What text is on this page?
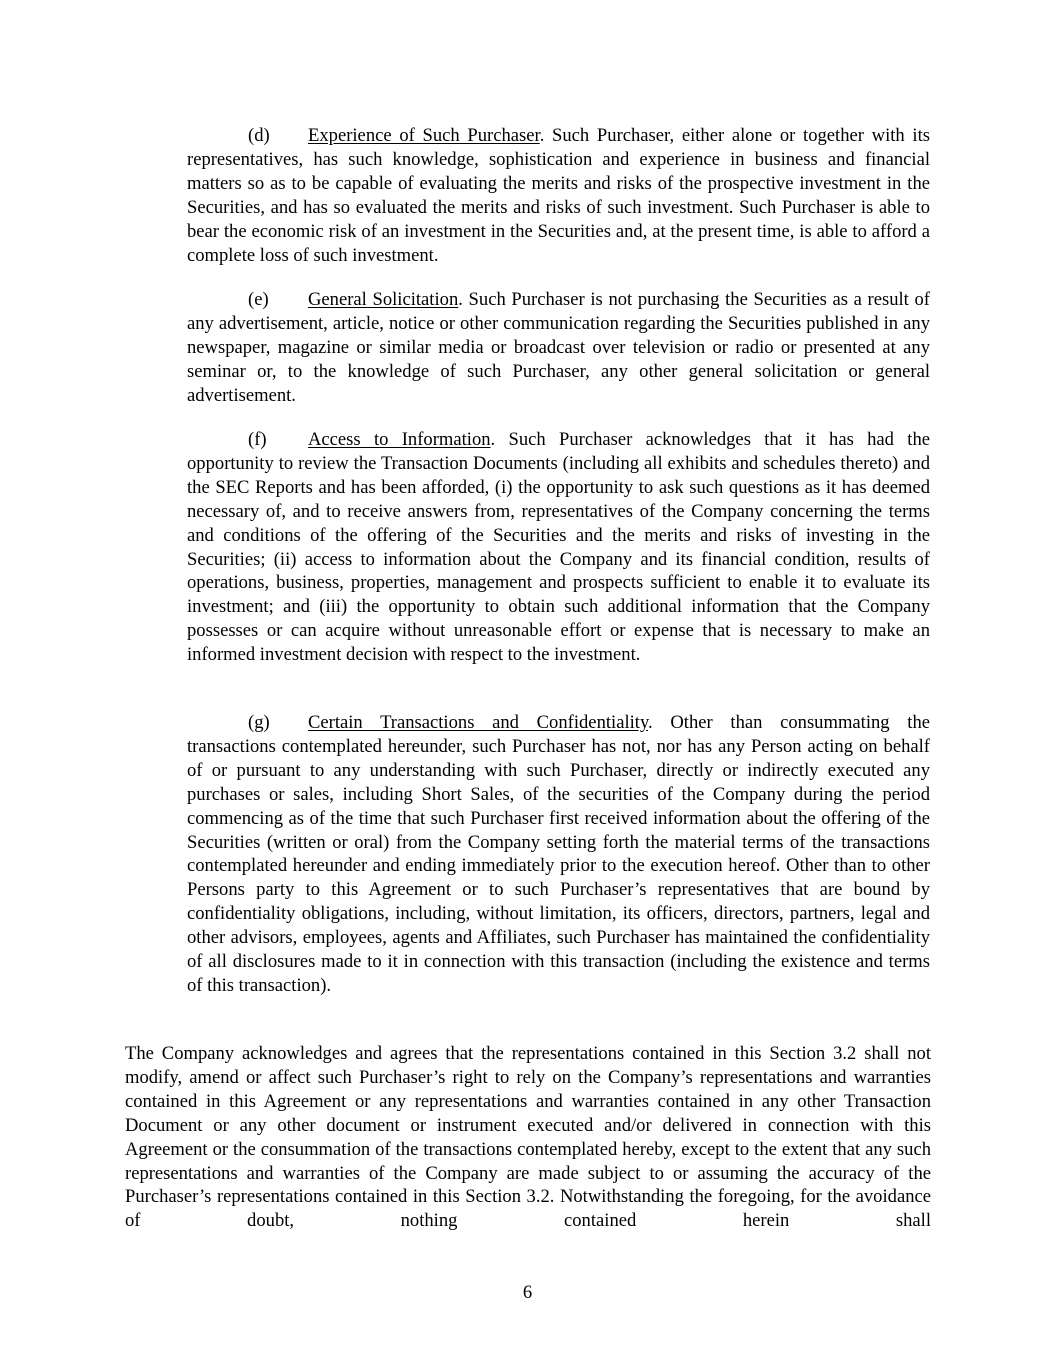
(d) Experience of Such Purchaser. Such Purchaser, either alone or together with its representatives, has such knowledge, sophistication and experience in business and financial matters so as to be capable of evaluating the merits and risks of the prospective investment in the Securities, and has so evaluated the merits and risks of such investment. Such Purchaser is able to bear the economic risk of an investment in the Securities and, at the present time, is able to afford a complete loss of such investment.

(e) General Solicitation. Such Purchaser is not purchasing the Securities as a result of any advertisement, article, notice or other communication regarding the Securities published in any newspaper, magazine or similar media or broadcast over television or radio or presented at any seminar or, to the knowledge of such Purchaser, any other general solicitation or general advertisement.

(f) Access to Information. Such Purchaser acknowledges that it has had the opportunity to review the Transaction Documents (including all exhibits and schedules thereto) and the SEC Reports and has been afforded, (i) the opportunity to ask such questions as it has deemed necessary of, and to receive answers from, representatives of the Company concerning the terms and conditions of the offering of the Securities and the merits and risks of investing in the Securities; (ii) access to information about the Company and its financial condition, results of operations, business, properties, management and prospects sufficient to enable it to evaluate its investment; and (iii) the opportunity to obtain such additional information that the Company possesses or can acquire without unreasonable effort or expense that is necessary to make an informed investment decision with respect to the investment.

(g) Certain Transactions and Confidentiality. Other than consummating the transactions contemplated hereunder, such Purchaser has not, nor has any Person acting on behalf of or pursuant to any understanding with such Purchaser, directly or indirectly executed any purchases or sales, including Short Sales, of the securities of the Company during the period commencing as of the time that such Purchaser first received information about the offering of the Securities (written or oral) from the Company setting forth the material terms of the transactions contemplated hereunder and ending immediately prior to the execution hereof. Other than to other Persons party to this Agreement or to such Purchaser’s representatives that are bound by confidentiality obligations, including, without limitation, its officers, directors, partners, legal and other advisors, employees, agents and Affiliates, such Purchaser has maintained the confidentiality of all disclosures made to it in connection with this transaction (including the existence and terms of this transaction).

The Company acknowledges and agrees that the representations contained in this Section 3.2 shall not modify, amend or affect such Purchaser’s right to rely on the Company’s representations and warranties contained in this Agreement or any representations and warranties contained in any other Transaction Document or any other document or instrument executed and/or delivered in connection with this Agreement or the consummation of the transactions contemplated hereby, except to the extent that any such representations and warranties of the Company are made subject to or assuming the accuracy of the Purchaser’s representations contained in this Section 3.2. Notwithstanding the foregoing, for the avoidance of doubt, nothing contained herein shall

6
